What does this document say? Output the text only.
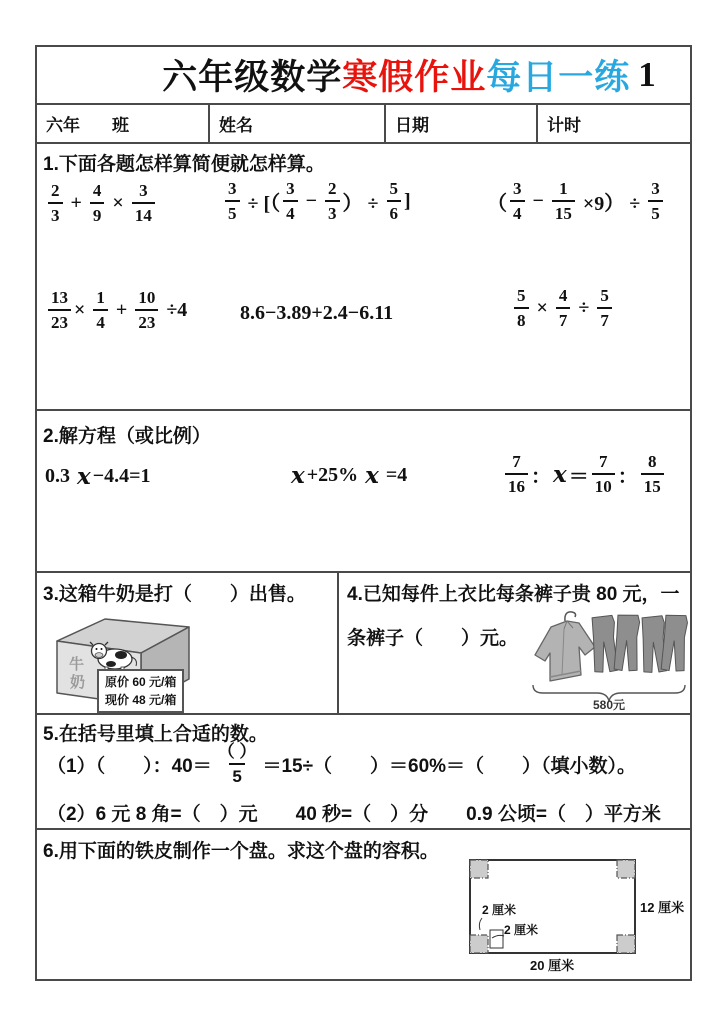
六年级数学 寒假作业 每日一练 1
六年 班	姓名	日期	计时
1.下面各题怎样算简便就怎样算。
$\frac{2}{3} + \frac{4}{9} \times \frac{3}{14}$	$\frac{3}{5}$ ÷ [（ $\frac{3}{4} - \frac{2}{3}$ ） ÷ $\frac{5}{6}$ ]	（ $\frac{3}{4} - \frac{1}{15} \times 9) \div \frac{3}{5}$
$\frac{13}{23} \times \frac{1}{4} + \frac{10}{23} \div 4$	8.6−3.89+2.4−6.11	$\frac{5}{8} \times \frac{4}{7} \div \frac{5}{7}$
2.解方程（或比例）
0.3 x −4.4=1	x +25% x =4	$\frac{7}{16}$ ： $x = \frac{7}{10}$ ： $\frac{8}{15}$
3.这箱牛奶是打（　　）出售。
牛
奶 原价 60 元/箱
现价 48 元/箱
4.已知每件上衣比每条裤子贵 80 元，一
条裤子（　　）元。
580元
5.在括号里填上合适的数。
（1）（　　）：$40= \frac{( )}{5} =15\div$（　　）＝60%＝（　　）（填小数）。
（2）6 元 8 角=（　）元　　40 秒=（　）分　　0.9 公顷=（　）平方米
6.用下面的铁皮制作一个盘。求这个盘的容积。
2 厘米
2 厘米
12 厘米
20 厘米
